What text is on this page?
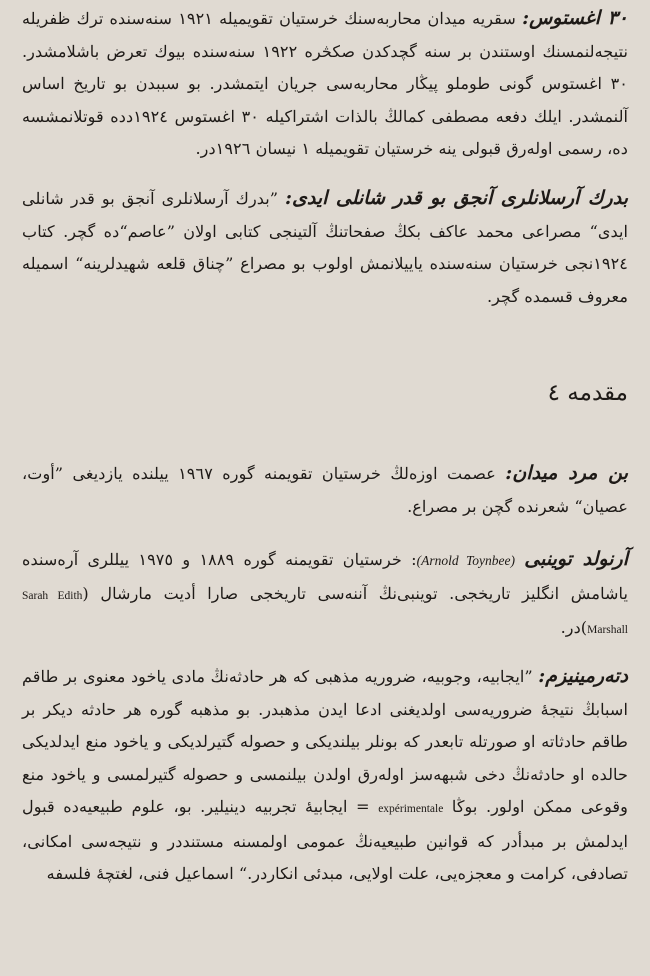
٣٠ اغستوس: سقریه میدان محاربه‌سنك خرستیان تقویمیله ١٩٢١ سنه‌سنده ترك ظفریله نتیجه‌لنمسنك اوستندن بر سنه گچدكدن صكڅره ١٩٢٢ سنه‌سنده بیوك تعرض باشلامشدر. ٣٠ اغستوس گونی طوملو پیڭار محاربه‌سی جریان ایتمشدر. بو سببدن بو تاریخ اساس آلنمشدر. ایلك دفعه مصطفی كمالڭ بالذات اشتراكیله ٣٠ اغستوس ١٩٢٤دده قوتلانمشسه ده، رسمی اوله‌رق قبولی ینه خرستیان تقویمیله ١ نیسان ١٩٢٦در.

بدرك آرسلانلری آنجق بو قدر شانلی ایدی: ”بدرك آرسلانلری آنجق بو قدر شانلی ایدی“ مصراعی محمد عاكف بكڭ صفحاتنڭ آلتینجی كتابی اولان ”عاصم“ده گچر. كتاب ١٩٢٤نجی خرستیان سنه‌سنده یاییلانمش اولوب بو مصراع ”چناق قلعه شهیدلرینه“ اسمیله معروف قسمده گچر.

مقدمه ٤

بن مرد میدان: عصمت اوزه‌لڭ خرستیان تقویمنه گوره ١٩٦٧ ییلنده یازدیغی ”أوت، عصیان“ شعرنده گچن بر مصراع.

آرنولد توینبی (Arnold Toynbee): خرستیان تقویمنه گوره ١٨٨٩ و ١٩٧٥ ییللری آره‌سنده یاشامش انگلیز تاریخجی. توینبی‌نڭ آننه‌سی تاریخجی صارا أدیت مارشال (Sarah Edith Marshall)در.

دته‌رمینیزم: ”ایجابیه، وجوبیه، ضروریه مذهبی كه هر حادثه‌نڭ مادی یاخود معنوی بر طاقم اسبابڭ نتیجۀ ضروریه‌سی اولدیغنی ادعا ایدن مذهبدر. بو مذهبه گوره هر حادثه دیكر بر طاقم حادثاته او صورتله تابعدر كه بونلر بیلندیكی و حصوله گتیرلدیكی و یاخود منع ایدلدیكی حالده او حادثه‌نڭ دخی شبهه‌سز اوله‌رق اولدن بیلنمسی و حصوله گتیرلمسی و یاخود منع وقوعی ممكن اولور. بوڭا expérimentale = ایجابیۀ تجربیه دینیلیر. بو، علوم طبیعیه‌ده قبول ایدلمش بر مبدأدر كه قوانین طبیعیه‌نڭ عمومی اولمسنه مستنددر و نتیجه‌سی امكانی، تصادفی، كرامت و معجزه‌یی، علت اولایی، مبدئی انكاردر.“ اسماعیل فنی، لغتچۀ فلسفه
